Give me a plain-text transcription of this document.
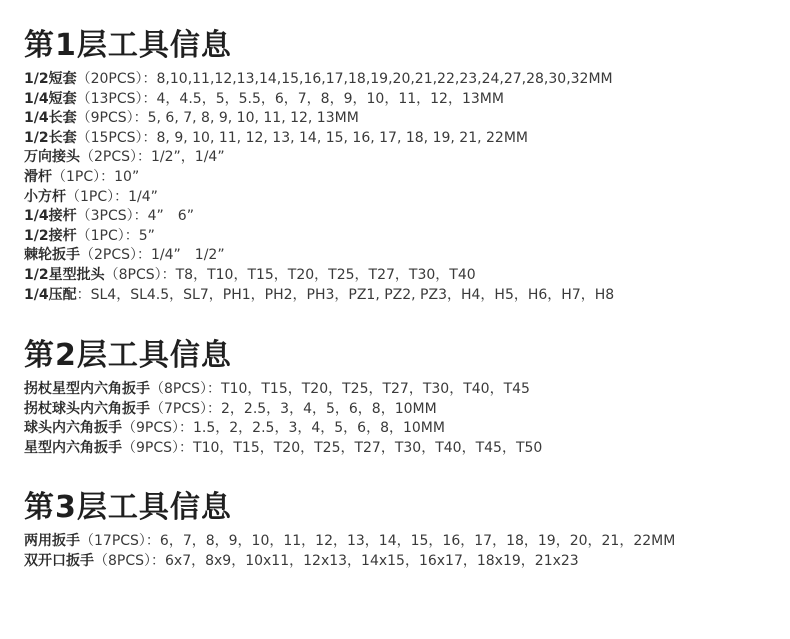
第1层工具信息
1/2短套（20PCS）：8,10,11,12,13,14,15,16,17,18,19,20,21,22,23,24,27,28,30,32MM
1/4短套（13PCS）：4，4.5，5，5.5，6，7，8，9，10，11，12，13MM
1/4长套（9PCS）：5, 6, 7, 8, 9, 10, 11, 12, 13MM
1/2长套（15PCS）：8, 9, 10, 11, 12, 13, 14, 15, 16, 17, 18, 19, 21, 22MM
万向接头（2PCS）：1/2”，1/4”
滑杆（1PC）：10”
小方杆（1PC）：1/4”
1/4接杆（3PCS）：4”　6”
1/2接杆（1PC）：5”
棘轮扳手（2PCS）：1/4”　1/2”
1/2星型批头（8PCS）：T8，T10，T15，T20，T25，T27，T30，T40
1/4压配：SL4，SL4.5，SL7，PH1，PH2，PH3，PZ1, PZ2, PZ3，H4，H5，H6，H7，H8
第2层工具信息
拐杖星型内六角扳手（8PCS）：T10，T15，T20，T25，T27，T30，T40，T45
拐杖球头内六角扳手（7PCS）：2，2.5，3，4，5，6，8，10MM
球头内六角扳手（9PCS）：1.5，2，2.5，3，4，5，6，8，10MM
星型内六角扳手（9PCS）：T10，T15，T20，T25，T27，T30，T40，T45，T50
第3层工具信息
两用扳手（17PCS）：6，7，8，9，10，11，12，13，14，15，16，17，18，19，20，21，22MM
双开口扳手（8PCS）：6x7，8x9，10x11，12x13，14x15，16x17，18x19，21x23
